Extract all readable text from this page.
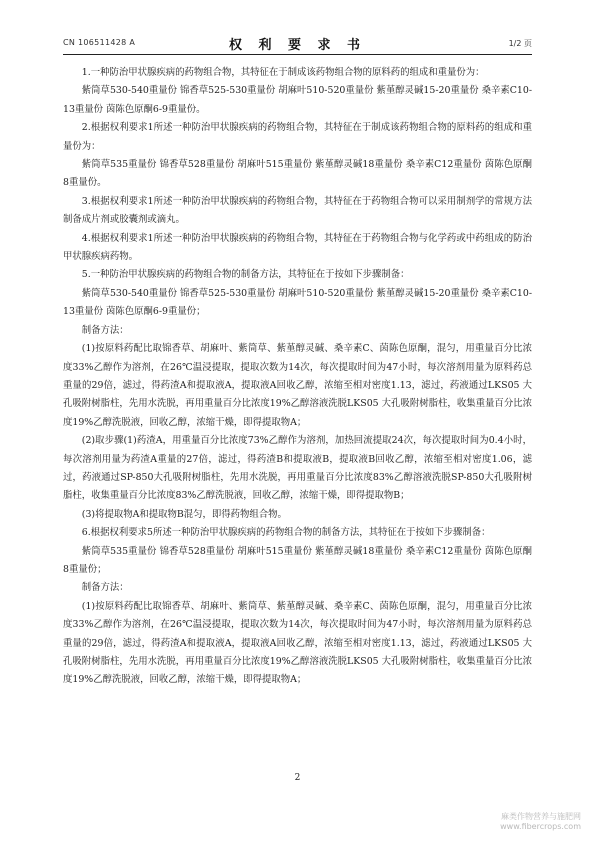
CN 106511428 A	权 利 要 求 书	1/2 页

1.一种防治甲状腺疾病的药物组合物，其特征在于制成该药物组合物的原料药的组成和重量份为：

紫筒草530-540重量份 锦香草525-530重量份 胡麻叶510-520重量份 紫堇醇灵碱15-20重量份 桑辛素C10-13重量份 茵陈色原酮6-9重量份。

2.根据权利要求1所述一种防治甲状腺疾病的药物组合物，其特征在于制成该药物组合物的原料药的组成和重量份为：

紫筒草535重量份 锦香草528重量份 胡麻叶515重量份 紫堇醇灵碱18重量份 桑辛素C12重量份 茵陈色原酮8重量份。

3.根据权利要求1所述一种防治甲状腺疾病的药物组合物，其特征在于药物组合物可以采用制剂学的常规方法制备成片剂或胶囊剂或滴丸。

4.根据权利要求1所述一种防治甲状腺疾病的药物组合物，其特征在于药物组合物与化学药或中药组成的防治甲状腺疾病药物。

5.一种防治甲状腺疾病的药物组合物的制备方法，其特征在于按如下步骤制备：

紫筒草530-540重量份 锦香草525-530重量份 胡麻叶510-520重量份 紫堇醇灵碱15-20重量份 桑辛素C10-13重量份 茵陈色原酮6-9重量份；

制备方法：

(1)按原料药配比取锦香草、胡麻叶、紫筒草、紫堇醇灵碱、桑辛素C、茵陈色原酮，混匀，用重量百分比浓度33%乙醇作为溶剂，在26℃温浸提取，提取次数为14次，每次提取时间为47小时，每次溶剂用量为原料药总重量的29倍，滤过，得药渣A和提取液A，提取液A回收乙醇，浓缩至相对密度1.13，滤过，药液通过LKS05 大孔吸附树脂柱，先用水洗脱，再用重量百分比浓度19%乙醇溶液洗脱LKS05 大孔吸附树脂柱，收集重量百分比浓度19%乙醇洗脱液，回收乙醇，浓缩干燥，即得提取物A；

(2)取步骤(1)药渣A，用重量百分比浓度73%乙醇作为溶剂，加热回流提取24次，每次提取时间为0.4小时，每次溶剂用量为药渣A重量的27倍，滤过，得药渣B和提取液B，提取液B回收乙醇，浓缩至相对密度1.06，滤过，药液通过SP-850大孔吸附树脂柱，先用水洗脱，再用重量百分比浓度83%乙醇溶液洗脱SP-850大孔吸附树脂柱，收集重量百分比浓度83%乙醇洗脱液，回收乙醇，浓缩干燥，即得提取物B；

(3)将提取物A和提取物B混匀，即得药物组合物。

6.根据权利要求5所述一种防治甲状腺疾病的药物组合物的制备方法，其特征在于按如下步骤制备：

紫筒草535重量份 锦香草528重量份 胡麻叶515重量份 紫堇醇灵碱18重量份 桑辛素C12重量份 茵陈色原酮8重量份；

制备方法：

(1)按原料药配比取锦香草、胡麻叶、紫筒草、紫堇醇灵碱、桑辛素C、茵陈色原酮，混匀，用重量百分比浓度33%乙醇作为溶剂，在26℃温浸提取，提取次数为14次，每次提取时间为47小时，每次溶剂用量为原料药总重量的29倍，滤过，得药渣A和提取液A，提取液A回收乙醇，浓缩至相对密度1.13，滤过，药液通过LKS05 大孔吸附树脂柱，先用水洗脱，再用重量百分比浓度19%乙醇溶液洗脱LKS05 大孔吸附树脂柱，收集重量百分比浓度19%乙醇洗脱液，回收乙醇，浓缩干燥，即得提取物A；

2
麻类作物营养与施肥网
www.fibercrops.com
